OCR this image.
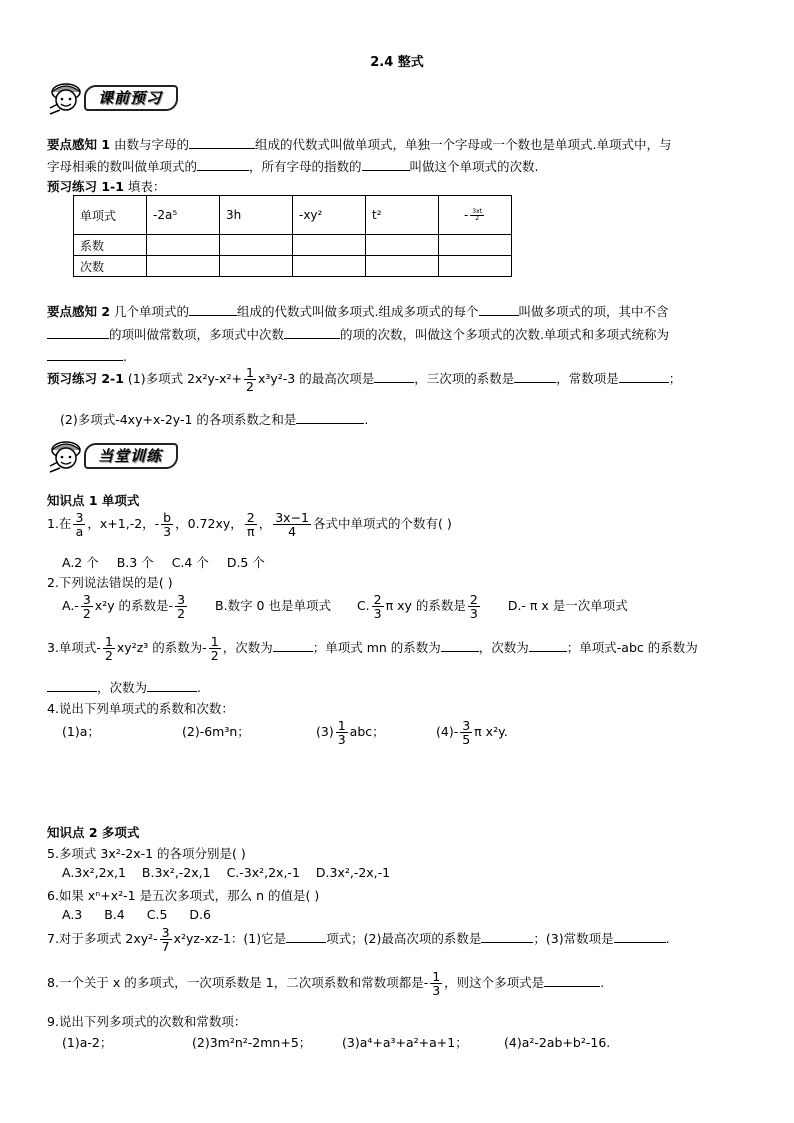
2.4 整式
课前预习
要点感知 1 由数与字母的	组成的代数式叫做单项式，单独一个字母或一个数也是单项式.单项式中，与
字母相乘的数叫做单项式的	，所有字母的指数的	叫做这个单项式的次数.
预习练习 1-1 填表：
单项式	-2a⁵	3h	-xy²	t²	- $\frac{3xt}{2}$

系数					
次数					
要点感知 2 几个单项式的	组成的代数式叫做多项式.组成多项式的每个	叫做多项式的项，其中不含
的项叫做常数项，多项式中次数	的项的次数，叫做这个多项式的次数.单项式和多项式统称为
.
预习练习 2-1 (1)多项式 $2x^2y-x^2+ \frac{1}{2} x^3y^2-3$ 的最高次项是	，三次项的系数是	，常数项是	；
(2)多项式-4xy+x-2y-1 的各项系数之和是	.
当堂训练
知识点 1 单项式
1.在 $\frac{3}{a}$ ，x+1,-2，- $\frac{b}{3}$ ，0.72xy， $\frac{2}{\pi}$ ， $\frac{3x-1}{4}$ 各式中单项式的个数有( )
A.2 个 B.3 个 C.4 个 D.5 个
2.下列说法错误的是( )
$A.- \frac{3}{2} x^2y$ 的系数是- $\frac{3}{2} B$.数字 0 也是单项式 C. $\frac{2}{3}$ π xy 的系数是 $\frac{2}{3} D.-$ π x 是一次单项式
3.单项式- $\frac{1}{2} xy^2z^3$ 的系数为- $\frac{1}{2}$ ，次数为	；单项式 mn 的系数为	，次数为	；单项式-abc 的系数为
，次数为	.
4.说出下列单项式的系数和次数：
(1)a；	(2)-6m³n；	$(3) \frac{1}{3}$ abc；	$(4)- \frac{3}{5}$ π x²y.
知识点 2 多项式
5.多项式 3x²-2x-1 的各项分别是( )
A.3x²,2x,1 B.3x²,-2x,1 C.-3x²,2x,-1 D.3x²,-2x,-1
6.如果 xⁿ+x²-1 是五次多项式，那么 n 的值是( )
A.3 B.4 C.5 D.6
7.对于多项式 $2xy^2- \frac{3}{7} x^2yz-xz-1$：(1)它是	项式；(2)最高次项的系数是	；(3)常数项是	.
8.一个关于 x 的多项式，一次项系数是 1，二次项系数和常数项都是- $\frac{1}{3}$ ，则这个多项式是	.
9.说出下列多项式的次数和常数项：
(1)a-2；	(2)3m²n²-2mn+5； (3)a⁴+a³+a²+a+1；	(4)a²-2ab+b²-16.
